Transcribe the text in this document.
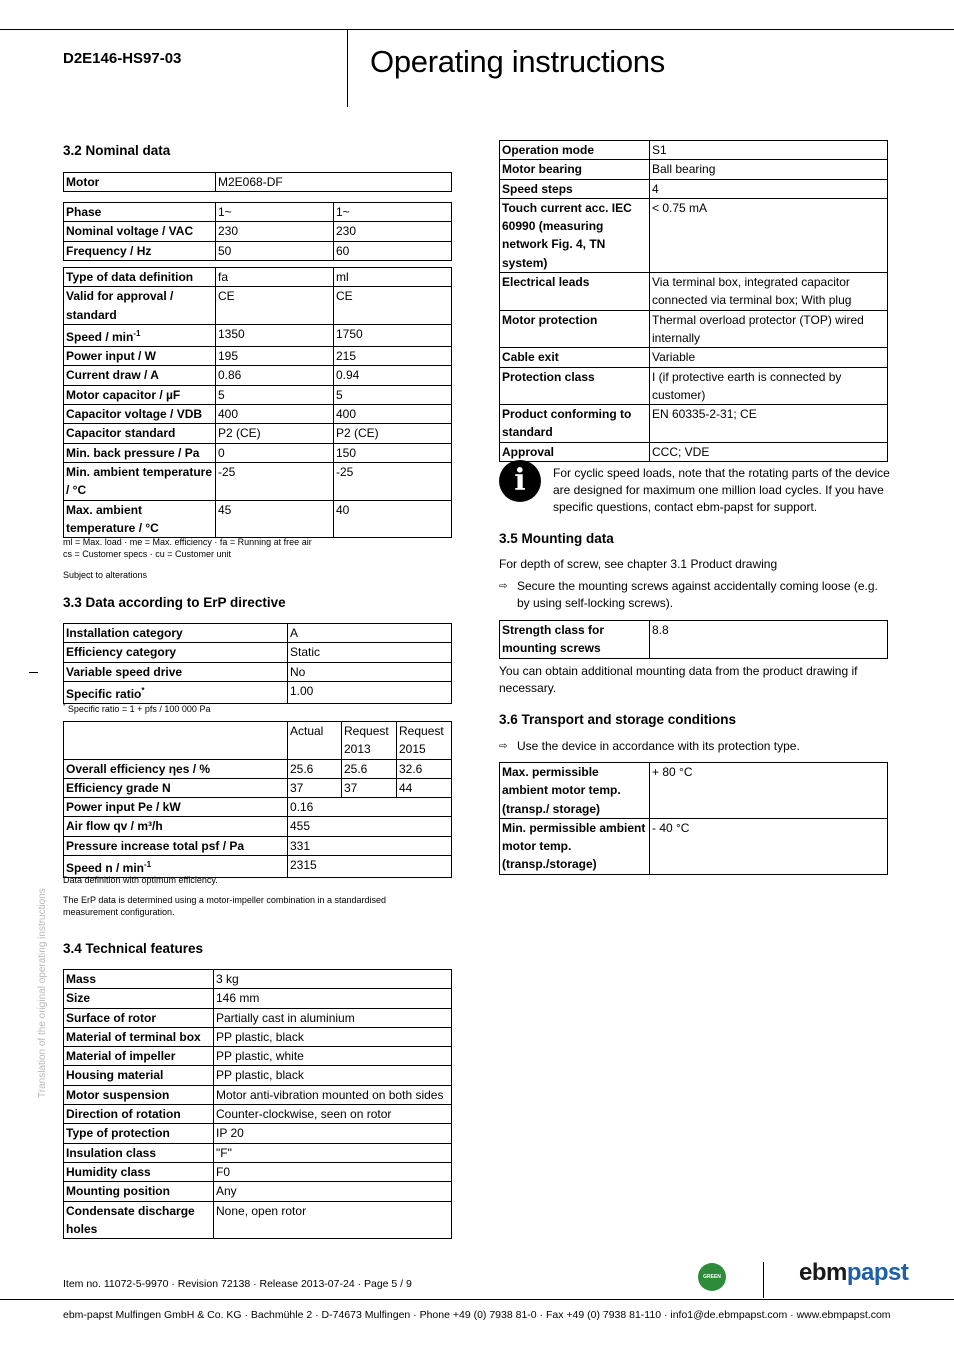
D2E146-HS97-03	Operating instructions
Translation of the original operating instructions
3.2 Nominal data
Motor	M2E068-DF
Phase	1~	1~
Nominal voltage / VAC	230	230
Frequency / Hz	50	60
Type of data definition	fa	ml
Valid for approval / standard	CE	CE
Speed / $\min^{-1}$	1350	1750
Power input / W	195	215
Current draw / A	0.86	0.94
Motor capacitor / µF	5	5
Capacitor voltage / VDB	400	400
Capacitor standard	P2 (CE)	P2 (CE)
Min. back pressure / Pa	0	150
Min. ambient temperature / °C	-25	-25
Max. ambient temperature / °C	45	40
ml = Max. load · me = Max. efficiency · fa = Running at free air
cs = Customer specs · cu = Customer unit
Subject to alterations
3.3 Data according to ErP directive
Installation category	A
Efficiency category	Static
Variable speed drive	No
Specific ratio*	1.00
* Specific ratio = 1 + pfs / 100 000 Pa
	Actual	Request 2013	Request 2015
Overall efficiency ηes / %	25.6	25.6	32.6
Efficiency grade N	37	37	44
Power input Pe / kW	0.16		
Air flow qv / m³/h	455		
Pressure increase total psf / Pa	331		
Speed n / $\min^{-1}$	2315		
Data definition with optimum efficiency.
The ErP data is determined using a motor-impeller combination in a standardised measurement configuration.
3.4 Technical features
Mass	3 kg
Size	146 mm
Surface of rotor	Partially cast in aluminium
Material of terminal box	PP plastic, black
Material of impeller	PP plastic, white
Housing material	PP plastic, black
Motor suspension	Motor anti-vibration mounted on both sides
Direction of rotation	Counter-clockwise, seen on rotor
Type of protection	IP 20
Insulation class	"F"
Humidity class	F0
Mounting position	Any
Condensate discharge holes	None, open rotor
Operation mode	S1
Motor bearing	Ball bearing
Speed steps	4
Touch current acc. IEC 60990 (measuring network Fig. 4, TN system)	< 0.75 mA
Electrical leads	Via terminal box, integrated capacitor connected via terminal box; With plug
Motor protection	Thermal overload protector (TOP) wired internally
Cable exit	Variable
Protection class	I (if protective earth is connected by customer)
Product conforming to standard	EN 60335-2-31; CE
Approval	CCC; VDE
i	For cyclic speed loads, note that the rotating parts of the device are designed for maximum one million load cycles. If you have specific questions, contact ebm-papst for support.
3.5 Mounting data
For depth of screw, see chapter 3.1 Product drawing
⇨ Secure the mounting screws against accidentally coming loose (e.g. by using self-locking screws).
Strength class for mounting screws	8.8
You can obtain additional mounting data from the product drawing if necessary.
3.6 Transport and storage conditions
⇨ Use the device in accordance with its protection type.
Max. permissible ambient motor temp. (transp./ storage)	+ 80 °C
Min. permissible ambient motor temp. (transp./storage)	- 40 °C
Item no. 11072-5-9970 · Revision 72138 · Release 2013-07-24 · Page 5 / 9
GREEN TECH
ebmpapst
ebm-papst Mulfingen GmbH & Co. KG · Bachmühle 2 · D-74673 Mulfingen · Phone +49 (0) 7938 81-0 · Fax +49 (0) 7938 81-110 · info1@de.ebmpapst.com · www.ebmpapst.com
